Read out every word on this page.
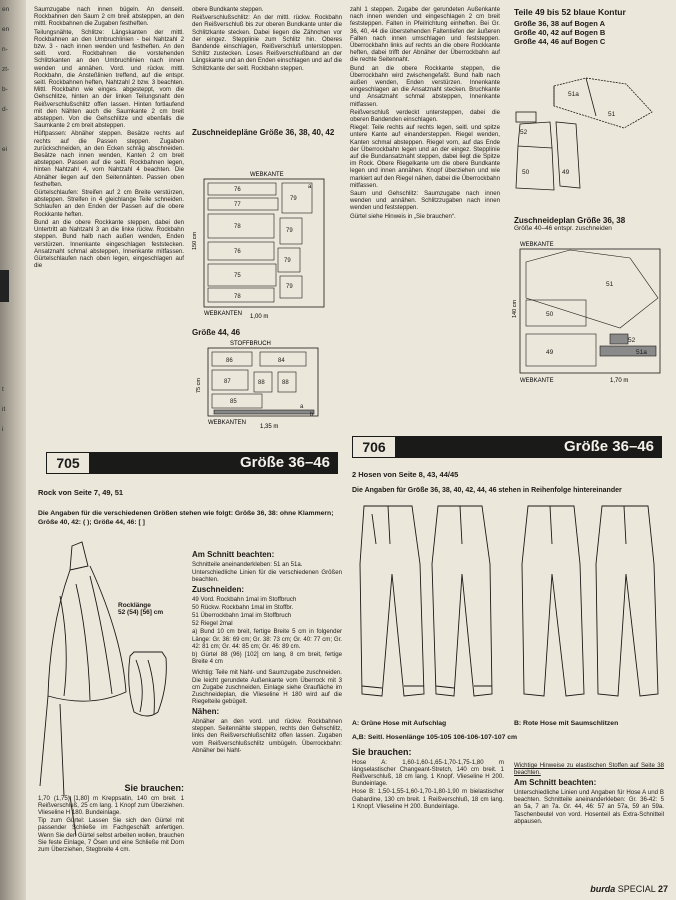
en
en
n-
zt-
b-
d-
ei
t
it
i

Saumzugabe nach innen bügeln. An denseitl. Rockbahnen den Saum 2 cm breit absteppen, an den mittl. Rockbahnen die Zugaben festheften.

Teilungsnähte, Schlitze: Längskanten der mittl. Rockbahnen an den Umbruchlinien - bei Nahtzahl 2 bzw. 3 - nach innen wenden und festheften. An den seitl. vord. Rockbahnen die vorstehenden Schlitzkanten an den Umbruchlinien nach innen wenden und annähen. Vord. und rückw. mittl. Rockbahn, die Ansteßlinien treffend, auf die entspr. seitl. Rockbahnen heften, Nahtzahl 2 bzw. 3 beachten. Mittl. Rockbahn wie einges. abgesteppt, vom die Gehschlitze, hinten an der linken Teilungsnaht den Reißverschlußschlitz offen lassen. Hinten fortlaufend mit den Nähten auch die Saumkante 2 cm breit absteppen. Von die Gehschlitze und ebenfalls die Saumkante 2 cm breit absteppen.

Hüftpassen: Abnäher steppen. Besätze rechts auf rechts auf die Passen steppen. Zugaben zurückschneiden, an den Ecken schräg abschneiden. Besätze nach innen wenden, Kanten 2 cm breit absteppen. Passen auf die seitl. Rockbahnen legen, hinten Nahtzahl 4, vorn Nahtzahl 4 beachten. Die Abnäher liegen auf den Seitennähten. Passen oben festheften.

Gürtelschlaufen: Streifen auf 2 cm Breite verstürzen, absteppen. Streifen in 4 gleichlange Teile schneiden. Schlaufen an den Enden der Passen auf die obere Rockkante heften.

Bund an die obere Rockkante steppen, dabei den Untertritt ab Nahtzahl 3 an die linke rückw. Rockbahn steppen. Bund halb nach außen wenden, Enden verstürzen. Innenkante eingeschlagen feststecken. Ansatznaht schmal absteppen, Innenkante mitfassen. Gürtelschlaufen nach oben legen, eingeschlagen auf die

obere Bundkante steppen.

Reißverschlußschlitz: An der mittl. rückw. Rockbahn den Reißverschluß bis zur oberen Bundkante unter die Schlitzkante stecken. Dabei liegen die Zähnchen vor der eingez. Stepplinie zum Schlitz hin. Oberes Bandende einschlagen, Reißverschluß unterstoppen. Schlitz zustecken. Loses Reißverschlußband an der Längskante und an den Enden einschlagen und auf die Schlitzkante der seitl. Rockbahn steppen.

Zuschneidepläne Größe 36, 38, 40, 42
WEBKANTE
76
79
77
78
79
76
79
75
79
78
a
150 cm
WEBKANTEN 1,00 m
Größe 44, 46
STOFFBRUCH
86	84
87	88	88
85
a
b
75 cm
WEBKANTEN
1,35 m

zahl 1 steppen. Zugabe der gerundeten Außenkante nach innen wenden und eingeschlagen 2 cm breit feststeppen. Falten in Pfeilrichtung einheften. Bei Gr. 36, 40, 44 die überstehenden Faltentiefen der äußeren Falten nach innen umschlagen und feststeppen. Überrockbahn links auf rechts an die obere Rockkante heften, dabei trifft der Abnäher der Überrockbahn auf die rechte Seitennaht.

Bund an die obere Rockkante steppen, die Überrockbahn wird zwischengefaßt. Bund halb nach außen wenden, Enden verstürzen. Innenkante eingeschlagen an die Ansatznaht stecken. Bruchkante und Ansatznaht schmal absteppen, Innenkante mitfassen.

Reißverschluß verdeckt untersteppen, dabei die oberen Bandenden einschlagen.

Riegel: Teile rechts auf rechts legen, seitl. und spitze untere Kante auf einandersteppen. Riegel wenden, Kanten schmal absteppen. Riegel vorn, auf das Ende der Überrockbahn legen und an der eingez. Stepplinie auf die Bundansatznaht steppen, dabei liegt die Spitze im Rock. Obere Riegelkante um die obere Bundkante legen und innen annähen. Knopf überziehen und wie markiert auf den Riegel nähen, dabei die Überrockbahn mitfassen.

Saum und Gehschlitz: Saumzugabe nach innen wenden und annähen. Schlitzzugaben nach innen wenden und feststeppen.

Gürtel siehe Hinweis in „Sie brauchen“.

Teile 49 bis 52 blaue Kontur
Größe 36, 38 auf Bogen A
Größe 40, 42 auf Bogen B
Größe 44, 46 auf Bogen C
51a
51
52
50	49
Zuschneideplan Größe 36, 38
Größe 40–46 entspr. zuschneiden
WEBKANTE
51
50
49
52
51a
140 cm
WEBKANTE	1,70 m
705	Größe 36–46
Rock von Seite 7, 49, 51
Die Angaben für die verschiedenen Größen stehen wie folgt: Größe 36, 38: ohne Klammern; Größe 40, 42: ( ); Größe 44, 46: [ ]
Rocklänge
52 (54) [56] cm
Sie brauchen:

1,70 (1,75) [1,80] m Kreppsatin, 140 cm breit. 1 Reißverschluß, 25 cm lang. 1 Knopf zum Überziehen. Vlieseline H 180. Bundeinlage.

Tip zum Gürtel: Lassen Sie sich den Gürtel mit passender Schließe im Fachgeschäft anfertigen. Wenn Sie den Gürtel selbst arbeiten wollen, brauchen Sie feste Einlage, 7 Ösen und eine Schließe mit Dorn zum Überziehen, Stegbreite 4 cm.

Am Schnitt beachten:

Schnitteile aneinanderkleben: 51 an 51a.

Unterschiedliche Linien für die verschiedenen Größen beachten.

Zuschneiden:

49 Vord. Rockbahn 1mal im Stoffbruch

50 Rückw. Rockbahn 1mal im Stoffbr.

51 Überrockbahn 1mal im Stoffbruch

52 Riegel 2mal

a) Bund 10 cm breit, fertige Breite 5 cm in folgender Länge: Gr. 36: 69 cm; Gr. 38: 73 cm; Gr. 40: 77 cm; Gr. 42: 81 cm; Gr. 44: 85 cm; Gr. 46: 89 cm.

b) Gürtel 88 (96) [102] cm lang, 8 cm breit, fertige Breite 4 cm

Wichtig: Teile mit Naht- und Saumzugabe zuschneiden. Die leicht gerundete Außenkante vom Überrock mit 3 cm Zugabe zuschneiden. Einlage siehe Graufläche im Zuschneideplan, die Vlieseline H 180 wird auf die Riegelteile gebügelt.

Nähen:

Abnäher an den vord. und rückw. Rockbahnen steppen. Seitennähte steppen, rechts den Gehschlitz, links den Reißverschlußschlitz offen lassen. Zugaben vom Reißverschlußschlitz umbügeln. Überrockbahn: Abnäher bei Naht-

706	Größe 36–46
2 Hosen von Seite 8, 43, 44/45
Die Angaben für Größe 36, 38, 40, 42, 44, 46 stehen in Reihenfolge hintereinander
A: Grüne Hose mit Aufschlag	B: Rote Hose mit Saumschlitzen
A,B: Seitl. Hosenlänge 105-105 106-106-107-107 cm
Sie brauchen:

Hose A: 1,60-1,60-1,65-1,70-1,75-1,80 m längselastischer Changeant-Stretch, 140 cm breit. 1 Reißverschluß, 18 cm lang. 1 Knopf. Vlieseline H 200. Bundeinlage.

Hose B: 1,50-1,55-1,60-1,70-1,80-1,90 m bielastischer Gabardine, 130 cm breit. 1 Reißverschluß, 18 cm lang. 1 Knopf. Vlieseline H 200. Bundeinlage.

Wichtige Hinweise zu elastischen Stoffen auf Seite 38 beachten.

Am Schnitt beachten:

Unterschiedliche Linien und Angaben für Hose A und B beachten. Schnitteile aneinanderkleben: Gr. 36-42: 5 an 5a, 7 an 7a. Gr. 44, 46: 57 an 57a, 59 an 59a. Taschenbeutel von vord. Hosenteil als Extra-Schnitteil abpausen.

burda SPECIAL 27
